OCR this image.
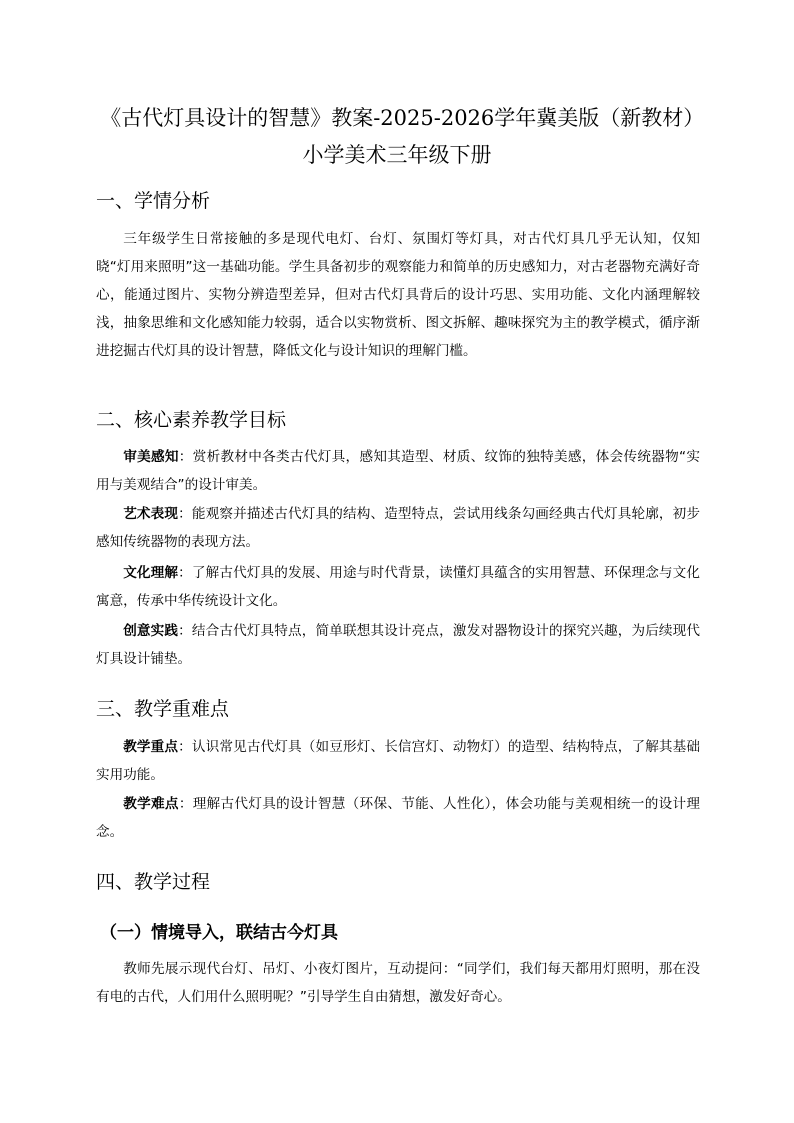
《古代灯具设计的智慧》教案-2025-2026学年冀美版（新教材）小学美术三年级下册
一、学情分析

三年级学生日常接触的多是现代电灯、台灯、氛围灯等灯具，对古代灯具几乎无认知，仅知晓“灯用来照明”这一基础功能。学生具备初步的观察能力和简单的历史感知力，对古老器物充满好奇心，能通过图片、实物分辨造型差异，但对古代灯具背后的设计巧思、实用功能、文化内涵理解较浅，抽象思维和文化感知能力较弱，适合以实物赏析、图文拆解、趣味探究为主的教学模式，循序渐进挖掘古代灯具的设计智慧，降低文化与设计知识的理解门槛。

二、核心素养教学目标

审美感知：赏析教材中各类古代灯具，感知其造型、材质、纹饰的独特美感，体会传统器物“实用与美观结合”的设计审美。

艺术表现：能观察并描述古代灯具的结构、造型特点，尝试用线条勾画经典古代灯具轮廓，初步感知传统器物的表现方法。

文化理解：了解古代灯具的发展、用途与时代背景，读懂灯具蕴含的实用智慧、环保理念与文化寓意，传承中华传统设计文化。

创意实践：结合古代灯具特点，简单联想其设计亮点，激发对器物设计的探究兴趣，为后续现代灯具设计铺垫。

三、教学重难点

教学重点：认识常见古代灯具（如豆形灯、长信宫灯、动物灯）的造型、结构特点，了解其基础实用功能。

教学难点：理解古代灯具的设计智慧（环保、节能、人性化），体会功能与美观相统一的设计理念。

四、教学过程
（一）情境导入，联结古今灯具

教师先展示现代台灯、吊灯、小夜灯图片，互动提问：“同学们，我们每天都用灯照明，那在没有电的古代，人们用什么照明呢？”引导学生自由猜想，激发好奇心。
